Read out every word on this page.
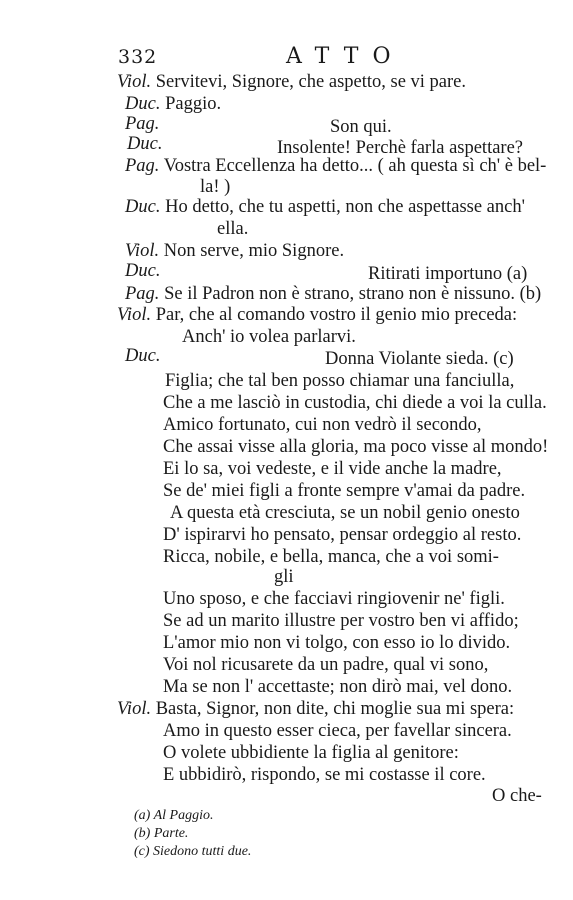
332	ATTO
Viol. Servitevi, Signore, che aspetto, se vi pare.
Duc. Paggio.
Pag.	Son qui.
Duc.	Insolente! Perchè farla aspettare?
Pag. Vostra Eccellenza ha detto... ( ah questa sì ch' è bel-
la! )
Duc. Ho detto, che tu aspetti, non che aspettasse anch'
ella.
Viol. Non serve, mio Signore.
Duc.	Ritirati importuno (a)
Pag. Se il Padron non è strano, strano non è nissuno. (b)
Viol. Par, che al comando vostro il genio mio preceda:
Anch' io volea parlarvi.
Duc.	Donna Violante sieda. (c)
Figlia; che tal ben posso chiamar una fanciulla,
Che a me lasciò in custodia, chi diede a voi la culla.
Amico fortunato, cui non vedrò il secondo,
Che assai visse alla gloria, ma poco visse al mondo!
Ei lo sa, voi vedeste, e il vide anche la madre,
Se de' miei figli a fronte sempre v'amai da padre.
A questa età cresciuta, se un nobil genio onesto
D' ispirarvi ho pensato, pensar ordeggio al resto.
Ricca, nobile, e bella, manca, che a voi somi-
gli
Uno sposo, e che facciavi ringiovenir ne' figli.
Se ad un marito illustre per vostro ben vi affido;
L'amor mio non vi tolgo, con esso io lo divido.
Voi nol ricusarete da un padre, qual vi sono,
Ma se non l' accettaste; non dirò mai, vel dono.
Viol. Basta, Signor, non dite, chi moglie sua mi spera:
Amo in questo esser cieca, per favellar sincera.
O volete ubbidiente la figlia al genitore:
E ubbidirò, rispondo, se mi costasse il core.
O che-
(a) Al Paggio.
(b) Parte.
(c) Siedono tutti due.
